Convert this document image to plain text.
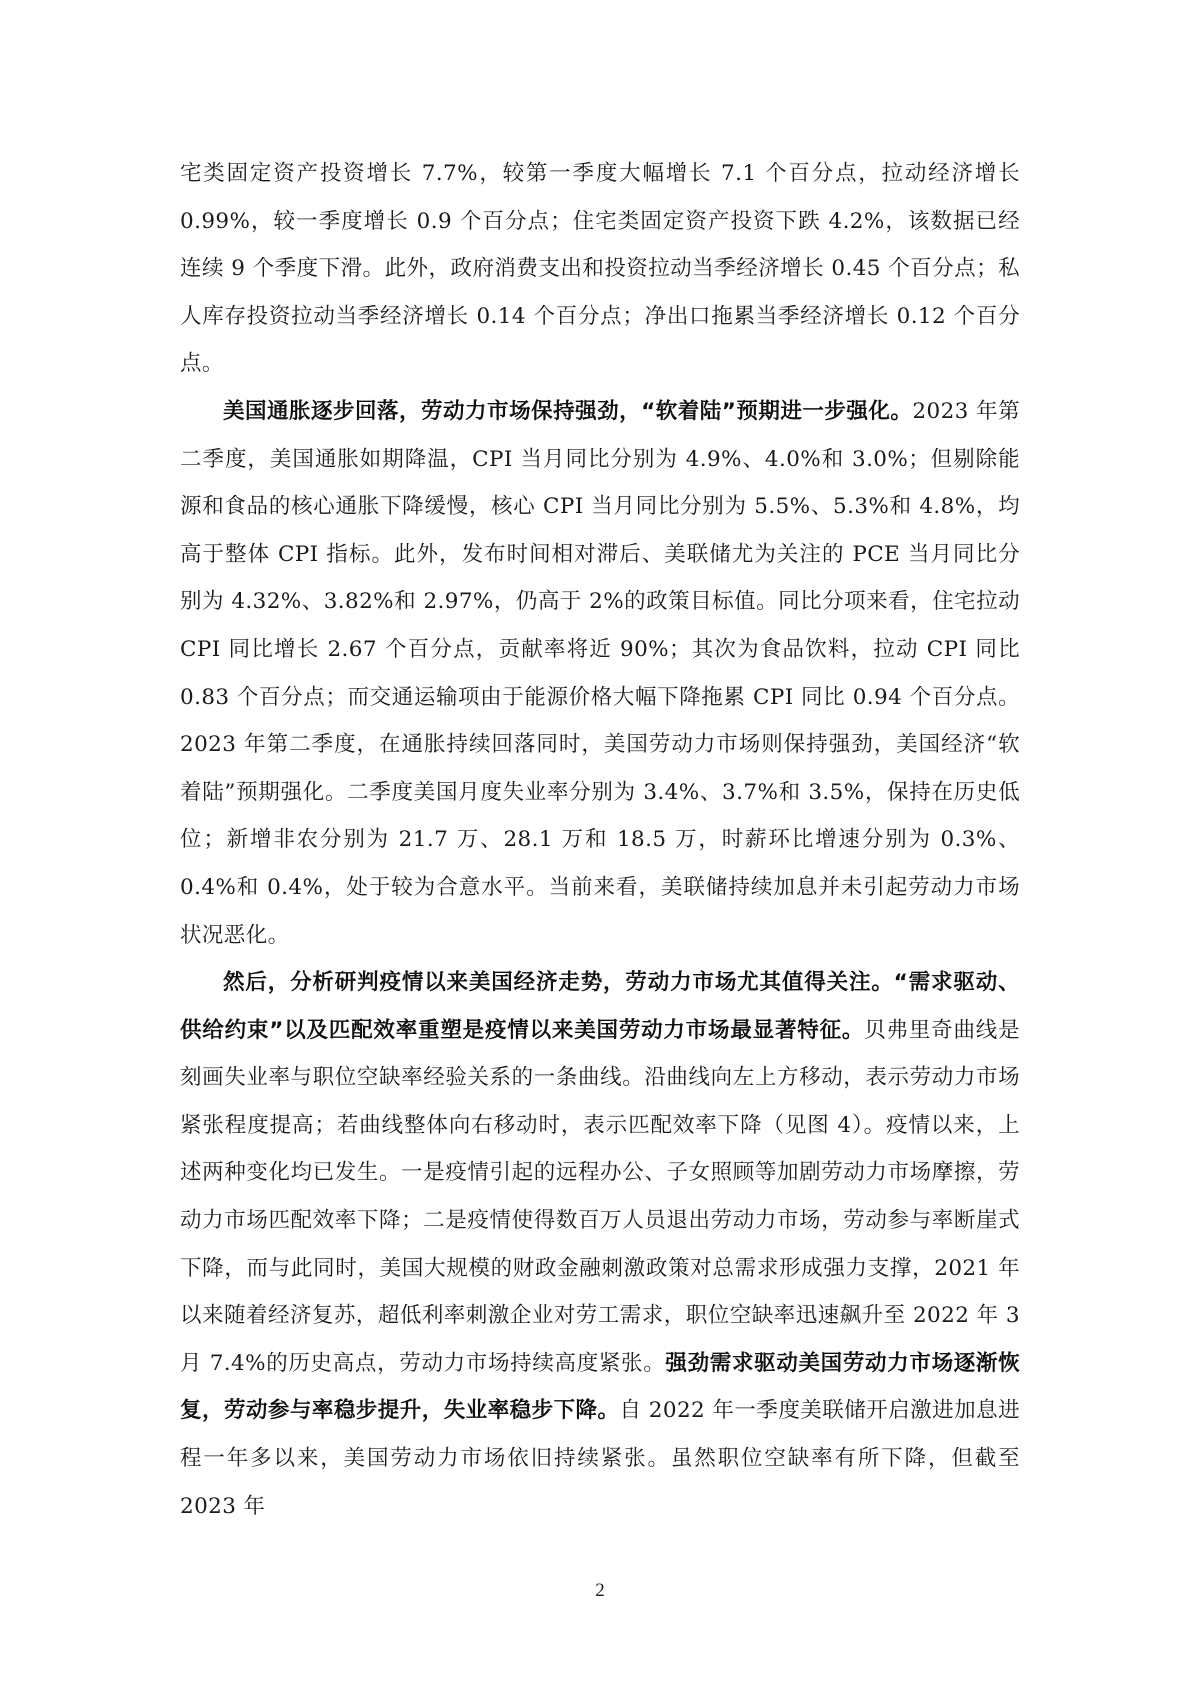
宅类固定资产投资增长 7.7%，较第一季度大幅增长 7.1 个百分点，拉动经济增长 0.99%，较一季度增长 0.9 个百分点；住宅类固定资产投资下跌 4.2%，该数据已经连续 9 个季度下滑。此外，政府消费支出和投资拉动当季经济增长 0.45 个百分点；私人库存投资拉动当季经济增长 0.14 个百分点；净出口拖累当季经济增长 0.12 个百分点。

美国通胀逐步回落，劳动力市场保持强劲，“软着陆”预期进一步强化。2023 年第二季度，美国通胀如期降温，CPI 当月同比分别为 4.9%、4.0%和 3.0%；但剔除能源和食品的核心通胀下降缓慢，核心 CPI 当月同比分别为 5.5%、5.3%和 4.8%，均高于整体 CPI 指标。此外，发布时间相对滞后、美联储尤为关注的 PCE 当月同比分别为 4.32%、3.82%和 2.97%，仍高于 2%的政策目标值。同比分项来看，住宅拉动 CPI 同比增长 2.67 个百分点，贡献率将近 90%；其次为食品饮料，拉动 CPI 同比 0.83 个百分点；而交通运输项由于能源价格大幅下降拖累 CPI 同比 0.94 个百分点。2023 年第二季度，在通胀持续回落同时，美国劳动力市场则保持强劲，美国经济“软着陆”预期强化。二季度美国月度失业率分别为 3.4%、3.7%和 3.5%，保持在历史低位；新增非农分别为 21.7 万、28.1 万和 18.5 万，时薪环比增速分别为 0.3%、0.4%和 0.4%，处于较为合意水平。当前来看，美联储持续加息并未引起劳动力市场状况恶化。

然后，分析研判疫情以来美国经济走势，劳动力市场尤其值得关注。“需求驱动、供给约束”以及匹配效率重塑是疫情以来美国劳动力市场最显著特征。贝弗里奇曲线是刻画失业率与职位空缺率经验关系的一条曲线。沿曲线向左上方移动，表示劳动力市场紧张程度提高；若曲线整体向右移动时，表示匹配效率下降（见图 4）。疫情以来，上述两种变化均已发生。一是疫情引起的远程办公、子女照顾等加剧劳动力市场摩擦，劳动力市场匹配效率下降；二是疫情使得数百万人员退出劳动力市场，劳动参与率断崖式下降，而与此同时，美国大规模的财政金融刺激政策对总需求形成强力支撑，2021 年以来随着经济复苏，超低利率刺激企业对劳工需求，职位空缺率迅速飙升至 2022 年 3 月 7.4%的历史高点，劳动力市场持续高度紧张。强劲需求驱动美国劳动力市场逐渐恢复，劳动参与率稳步提升，失业率稳步下降。自 2022 年一季度美联储开启激进加息进程一年多以来，美国劳动力市场依旧持续紧张。虽然职位空缺率有所下降，但截至 2023 年

2
